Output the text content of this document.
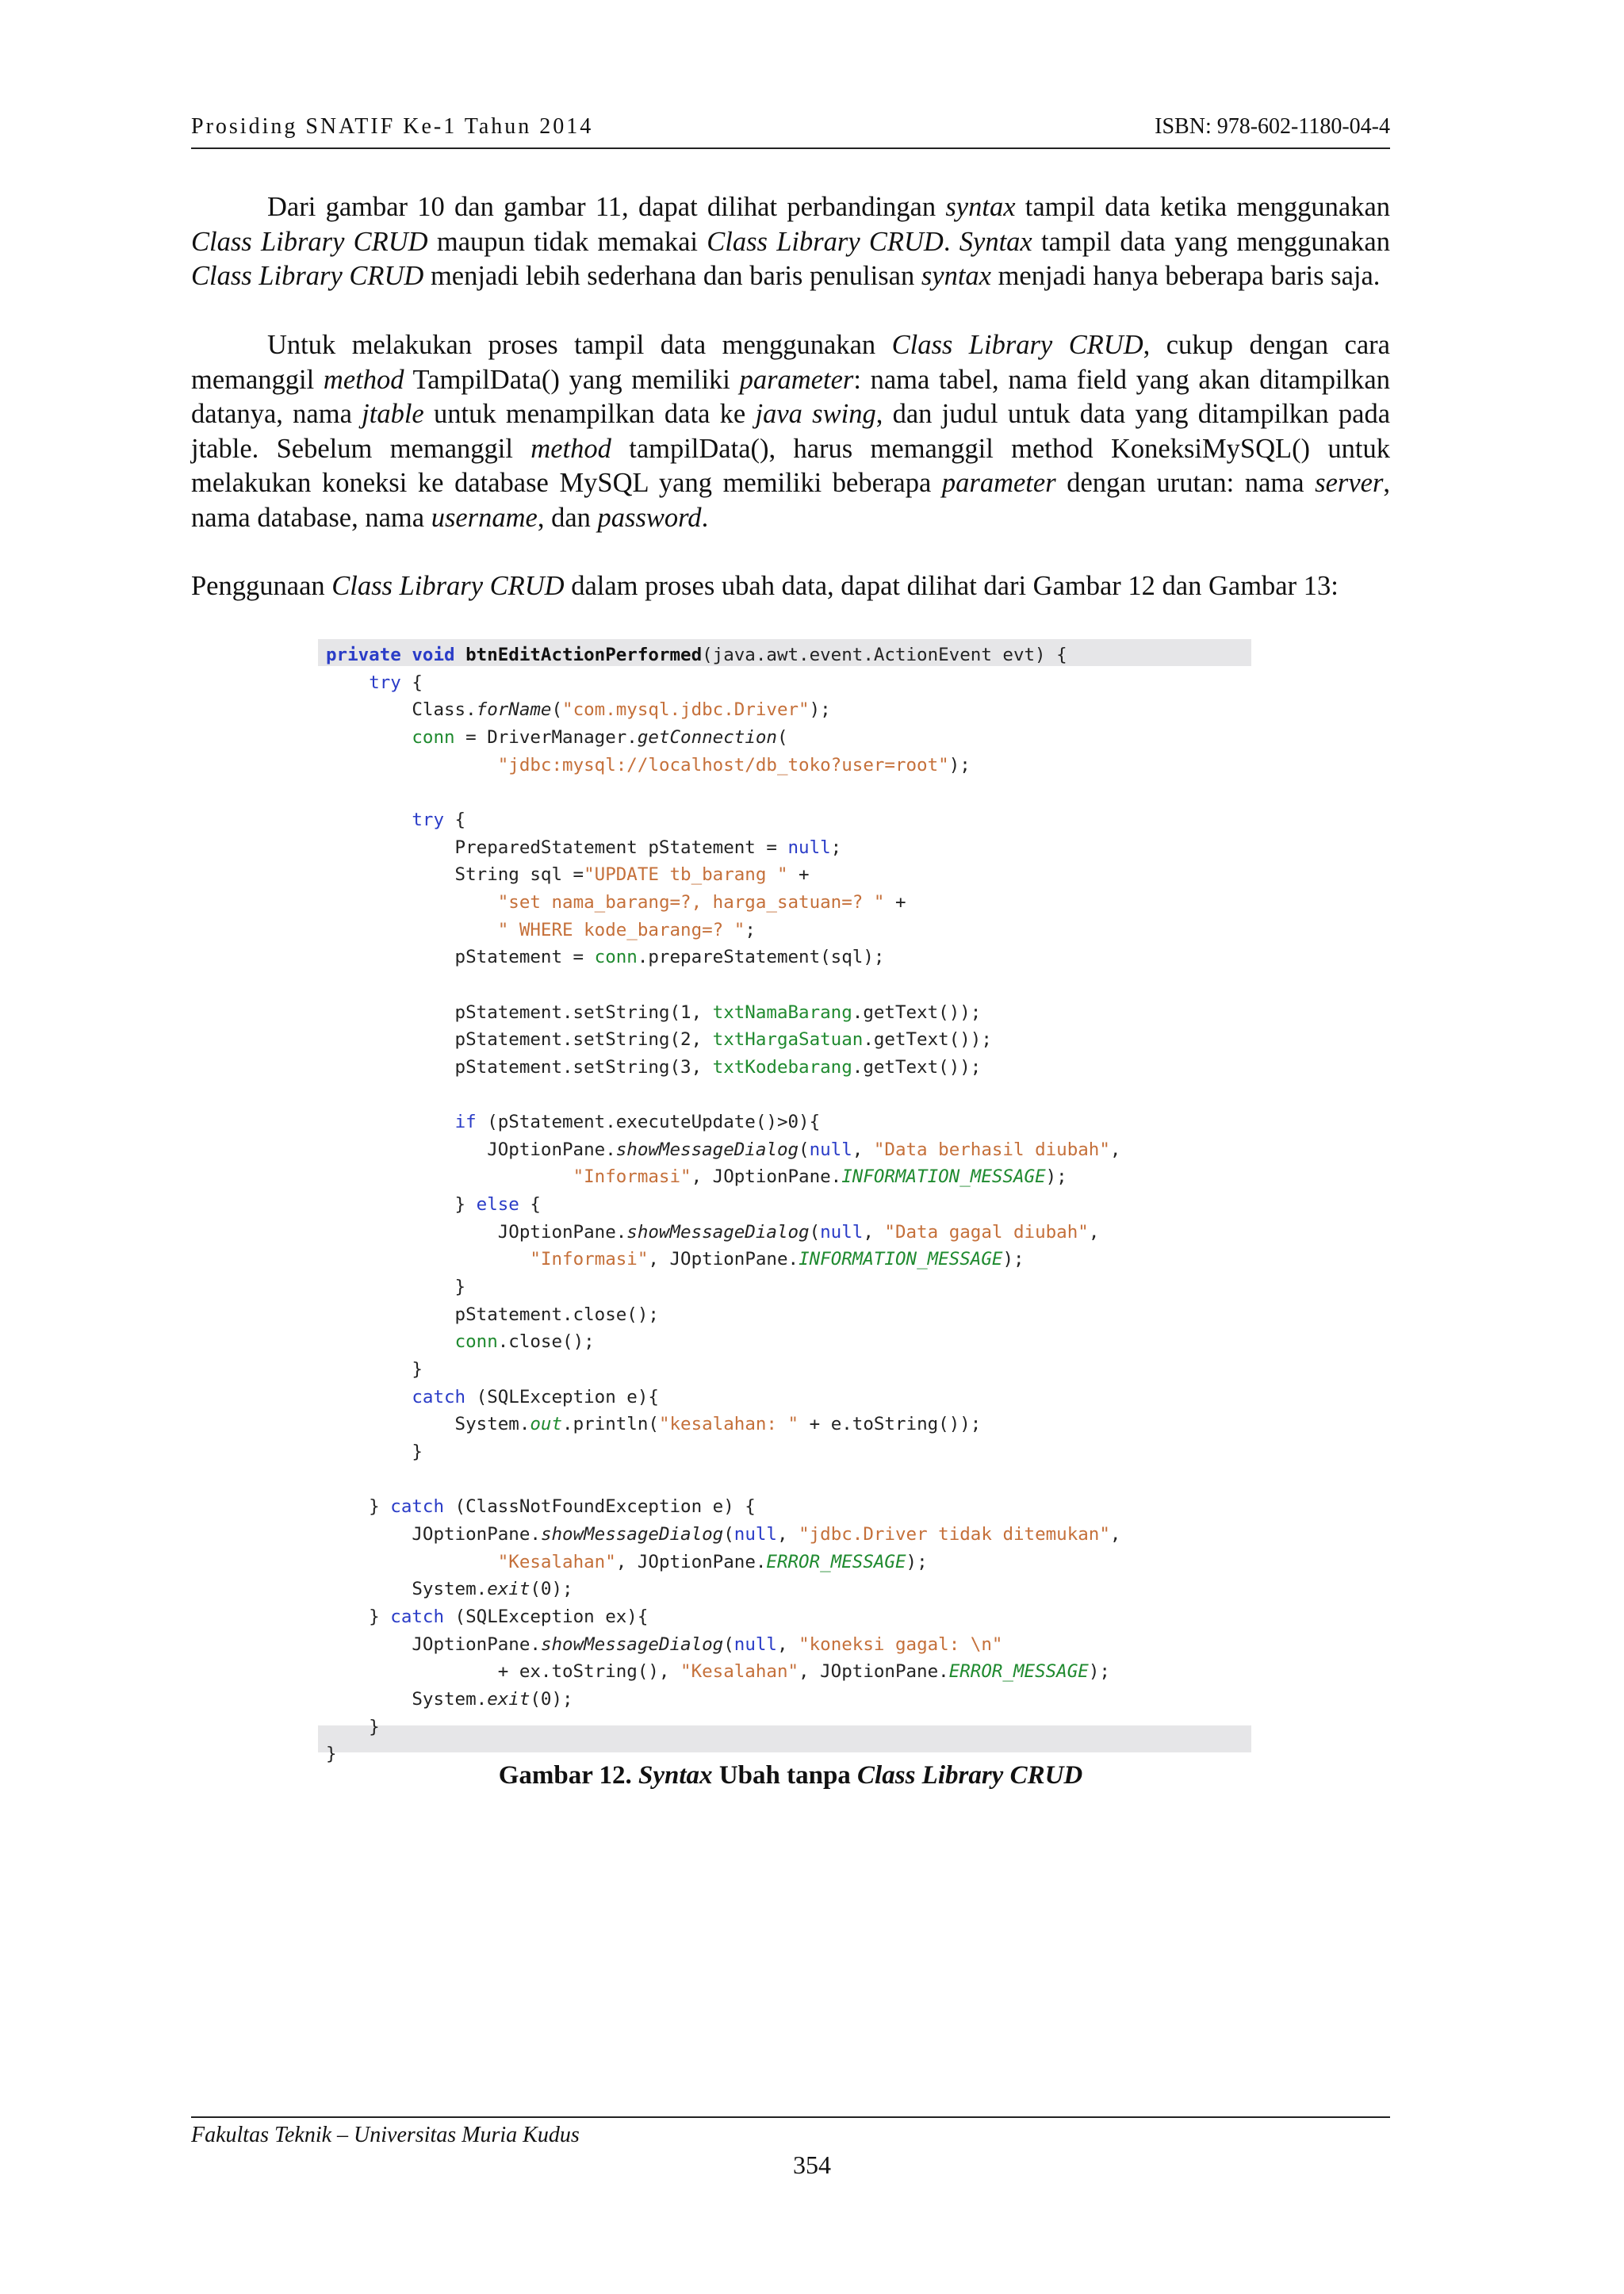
Prosiding SNATIF Ke-1 Tahun 2014	ISBN: 978-602-1180-04-4

Dari gambar 10 dan gambar 11, dapat dilihat perbandingan syntax tampil data ketika menggunakan Class Library CRUD maupun tidak memakai Class Library CRUD. Syntax tampil data yang menggunakan Class Library CRUD menjadi lebih sederhana dan baris penulisan syntax menjadi hanya beberapa baris saja.

Untuk melakukan proses tampil data menggunakan Class Library CRUD, cukup dengan cara memanggil method TampilData() yang memiliki parameter: nama tabel, nama field yang akan ditampilkan datanya, nama jtable untuk menampilkan data ke java swing, dan judul untuk data yang ditampilkan pada jtable. Sebelum memanggil method tampilData(), harus memanggil method KoneksiMySQL() untuk melakukan koneksi ke database MySQL yang memiliki beberapa parameter dengan urutan: nama server, nama database, nama username, dan password.

Penggunaan Class Library CRUD dalam proses ubah data, dapat dilihat dari Gambar 12 dan Gambar 13:

private void btnEditActionPerformed(java.awt.event.ActionEvent evt) {
try {
Class.forName("com.mysql.jdbc.Driver");
conn = DriverManager.getConnection(
"jdbc:mysql://localhost/db_toko?user=root");

try {
PreparedStatement pStatement = null;
String sql ="UPDATE tb_barang " +
"set nama_barang=?, harga_satuan=? " +
" WHERE kode_barang=? ";
pStatement = conn.prepareStatement(sql);

pStatement.setString(1, txtNamaBarang.getText());
pStatement.setString(2, txtHargaSatuan.getText());
pStatement.setString(3, txtKodebarang.getText());

if (pStatement.executeUpdate()>0){
JOptionPane.showMessageDialog(null, "Data berhasil diubah",
"Informasi", JOptionPane.INFORMATION_MESSAGE);
} else {
JOptionPane.showMessageDialog(null, "Data gagal diubah",
"Informasi", JOptionPane.INFORMATION_MESSAGE);
}
pStatement.close();
conn.close();
}
catch (SQLException e){
System.out.println("kesalahan: " + e.toString());
}

} catch (ClassNotFoundException e) {
JOptionPane.showMessageDialog(null, "jdbc.Driver tidak ditemukan",
"Kesalahan", JOptionPane.ERROR_MESSAGE);
System.exit(0);
} catch (SQLException ex){
JOptionPane.showMessageDialog(null, "koneksi gagal: \n"
+ ex.toString(), "Kesalahan", JOptionPane.ERROR_MESSAGE);
System.exit(0);
}
}
Gambar 12. Syntax Ubah tanpa Class Library CRUD
Fakultas Teknik – Universitas Muria Kudus
354
